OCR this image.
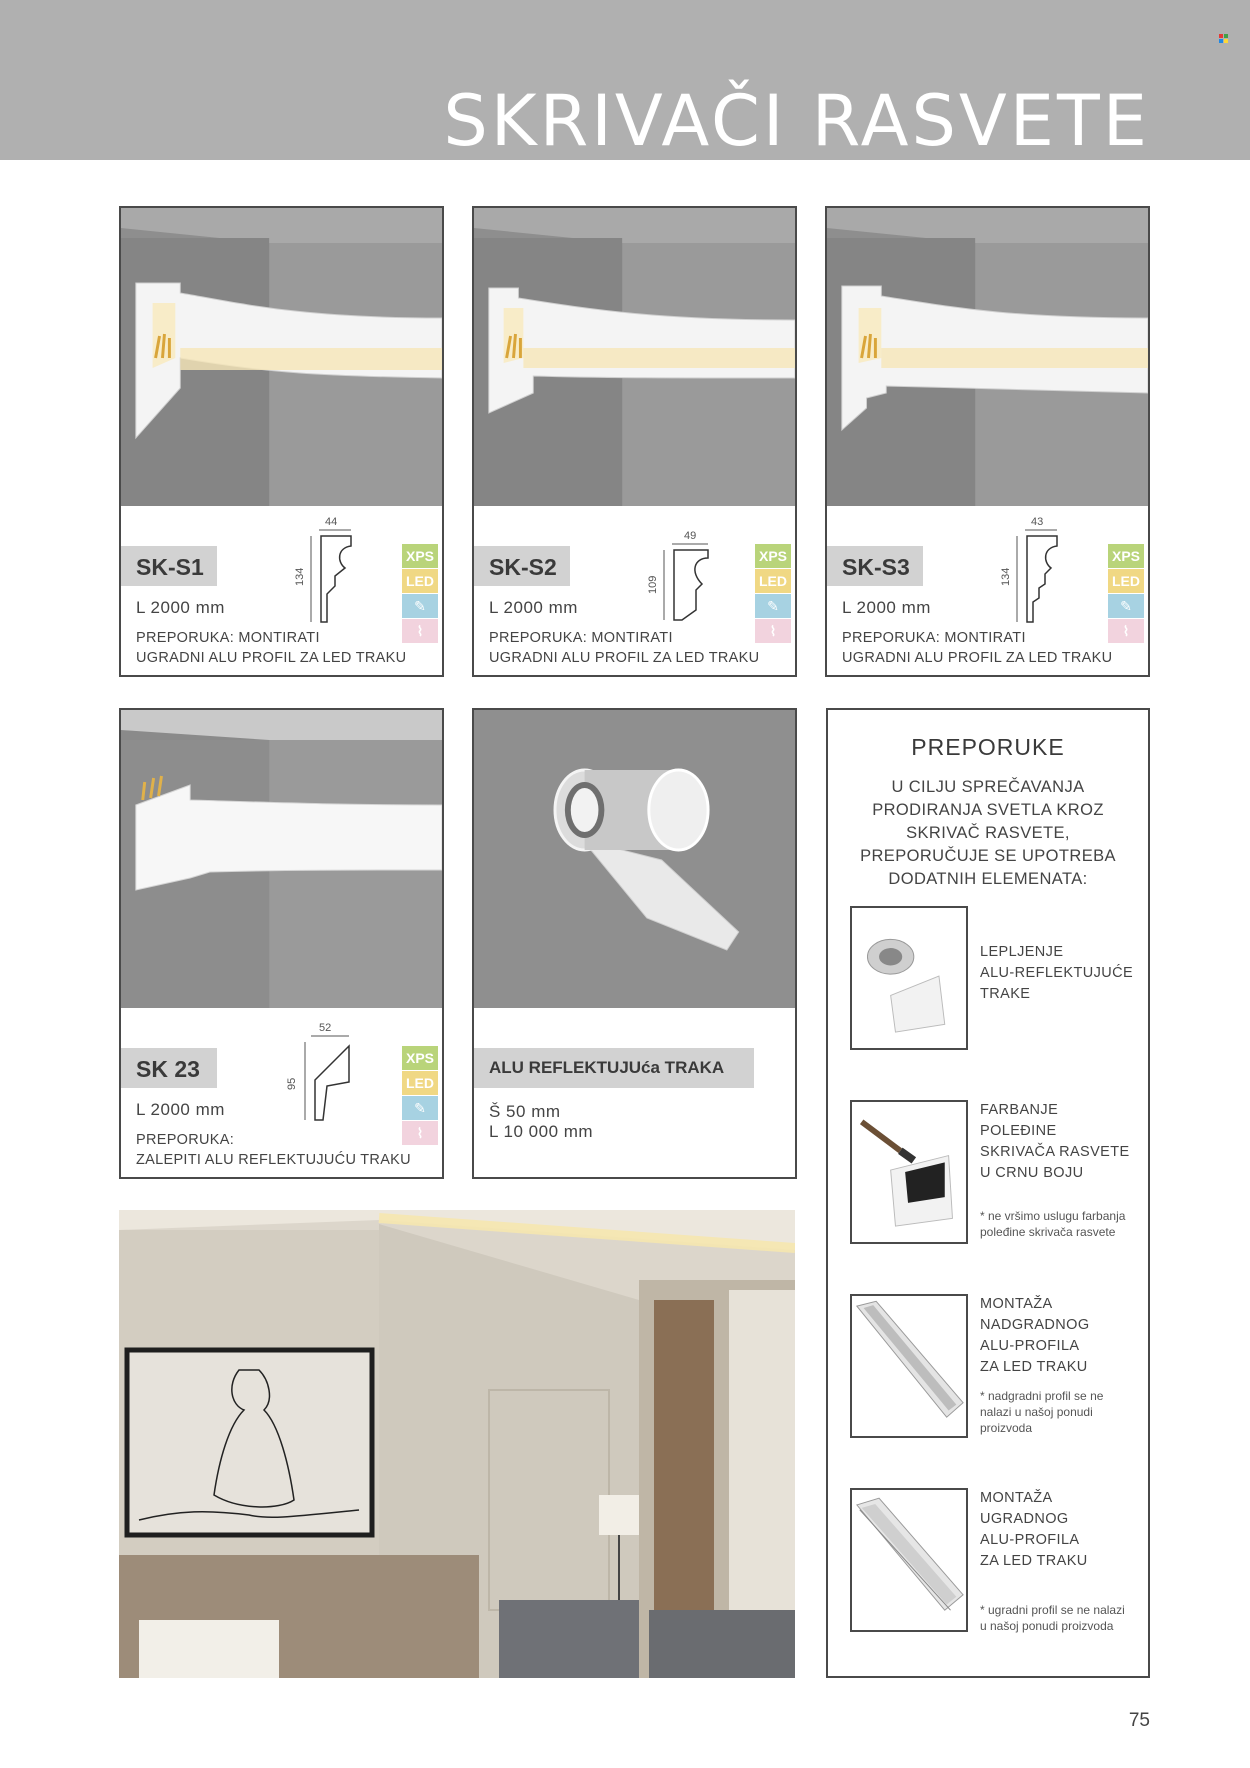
SKRIVAČI RASVETE
SK-S1
L 2000 mm
PREPORUKA: MONTIRATI
UGRADNI ALU PROFIL ZA LED TRAKU
44
134
XPS
LED
✎
⌇
SK-S2
L 2000 mm
PREPORUKA: MONTIRATI
UGRADNI ALU PROFIL ZA LED TRAKU
49
109
XPS
LED
✎
⌇
SK-S3
L 2000 mm
PREPORUKA: MONTIRATI
UGRADNI ALU PROFIL ZA LED TRAKU
43
134
XPS
LED
✎
⌇
SK 23
L 2000 mm
PREPORUKA:
ZALEPITI ALU REFLEKTUJUĆU TRAKU
52
95
XPS
LED
✎
⌇
ALU REFLEKTUJUća TRAKA
Š 50 mm
L 10 000 mm
PREPORUKE
U CILJU SPREČAVANJA
PRODIRANJA SVETLA KROZ
SKRIVAČ RASVETE,
PREPORUČUJE SE UPOTREBA
DODATNIH ELEMENATA:
LEPLJENJE
ALU-REFLEKTUJUĆE
TRAKE
FARBANJE POLEĐINE
SKRIVAČA RASVETE
U CRNU BOJU
* ne vršimo uslugu farbanja
poleđine skrivača rasvete
MONTAŽA
NADGRADNOG
ALU-PROFILA
ZA LED TRAKU
* nadgradni profil se ne
nalazi u našoj ponudi
proizvoda
MONTAŽA
UGRADNOG
ALU-PROFILA
ZA LED TRAKU
* ugradni profil se ne nalazi
u našoj ponudi proizvoda
75
